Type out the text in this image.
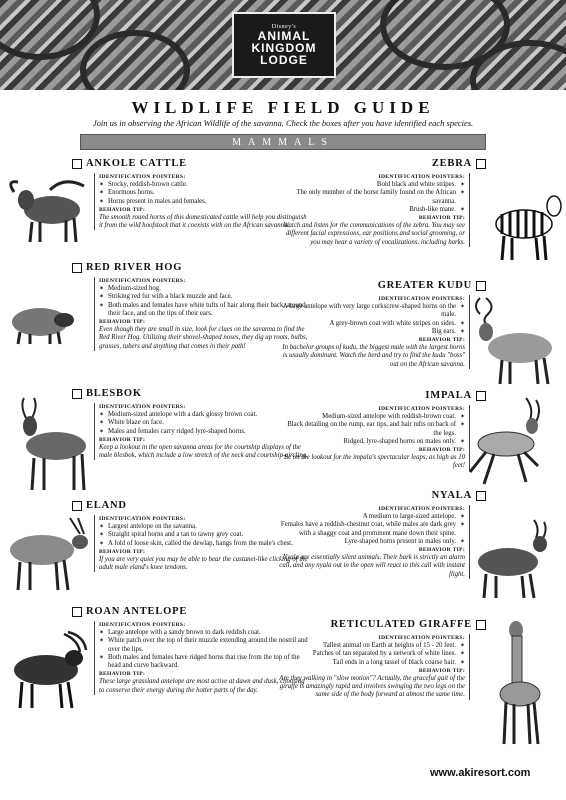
Disney's
ANIMAL
KINGDOM
LODGE
WILDLIFE FIELD GUIDE
Join us in observing the African Wildlife of the savanna. Check the boxes after you have identified each species.
MAMMALS
ANKOLE CATTLE
IDENTIFICATION POINTERS:
✶ Stocky, reddish-brown cattle.
✶ Enormous horns.
✶ Horns present in males and females.
BEHAVIOR TIP:
The smooth round horns of this domesticated cattle will help you distinguish it from the wild hoofstock that it coexists with on the African savanna.
RED RIVER HOG
IDENTIFICATION POINTERS:
✶ Medium-sized hog.
✶ Striking red fur with a black muzzle and face.
✶ Both males and females have white tufts of hair along their back, around their face, and on the tips of their ears.
BEHAVIOR TIP:
Even though they are small in size, look for clues on the savanna to find the Red River Hog. Utilizing their shovel-shaped noses, they dig up roots, bulbs, grasses, tubers and anything that comes in their path!
BLESBOK
IDENTIFICATION POINTERS:
✶ Medium-sized antelope with a dark glossy brown coat.
✶ White blaze on face.
✶ Males and females carry ridged lyre-shaped horns.
BEHAVIOR TIP:
Keep a lookout in the open savanna areas for the courtship displays of the male blesbok, which include a low stretch of the neck and courtship-circling.
ELAND
IDENTIFICATION POINTERS:
✶ Largest antelope on the savanna.
✶ Straight spiral horns and a tan to tawny grey coat.
✶ A fold of loose skin, called the dewlap, hangs from the male's chest.
BEHAVIOR TIP:
If you are very quiet you may be able to hear the castanet-like clicking of the adult male eland's knee tendons.
ROAN ANTELOPE
IDENTIFICATION POINTERS:
✶ Large antelope with a sandy brown to dark reddish coat.
✶ White patch over the top of their muzzle extending around the nostril and over the lips.
✶ Both males and females have ridged horns that rise from the top of the head and curve backward.
BEHAVIOR TIP:
These large grassland antelope are most active at dawn and dusk, choosing to conserve their energy during the hotter parts of the day.
ZEBRA
IDENTIFICATION POINTERS:
✶ Bold black and white stripes.
✶ The only member of the horse family found on the African savanna.
✶ Brush-like mane.
BEHAVIOR TIP:
Watch and listen for the communications of the zebra. You may see different facial expressions, ear positions and social grooming, or you may hear a variety of vocalizations, including barks.
GREATER KUDU
IDENTIFICATION POINTERS:
✶ A large antelope with very large corkscrew-shaped horns on the male.
✶ A grey-brown coat with white stripes on sides.
✶ Big ears.
BEHAVIOR TIP:
In bachelor groups of kudu, the biggest male with the largest horns is usually dominant. Watch the herd and try to find the kudu "boss" out on the African savanna.
IMPALA
IDENTIFICATION POINTERS:
✶ Medium-sized antelope with reddish-brown coat.
✶ Black detailing on the rump, ear tips, and hair tufts on back of the legs.
✶ Ridged, lyre-shaped horns on males only.
BEHAVIOR TIP:
Be on the lookout for the impala's spectacular leaps, as high as 10 feet!
NYALA
IDENTIFICATION POINTERS:
✶ A medium to large-sized antelope.
✶ Females have a reddish-chestnut coat, while males are dark grey with a shaggy coat and prominent mane down their spine.
✶ Lyre-shaped horns present in males only.
BEHAVIOR TIP:
Nyala are essentially silent animals. Their bark is strictly an alarm call, and any nyala out in the open will react to this call with instant flight.
RETICULATED GIRAFFE
IDENTIFICATION POINTERS:
✶ Tallest animal on Earth at heights of 15 - 20 feet.
✶ Patches of tan separated by a network of white lines.
✶ Tail ends in a long tassel of black coarse hair.
BEHAVIOR TIP:
Are they walking in "slow motion"? Actually, the graceful gait of the giraffe is amazingly rapid and involves swinging the two legs on the same side of the body forward at almost the same time.
www.akiresort.com
